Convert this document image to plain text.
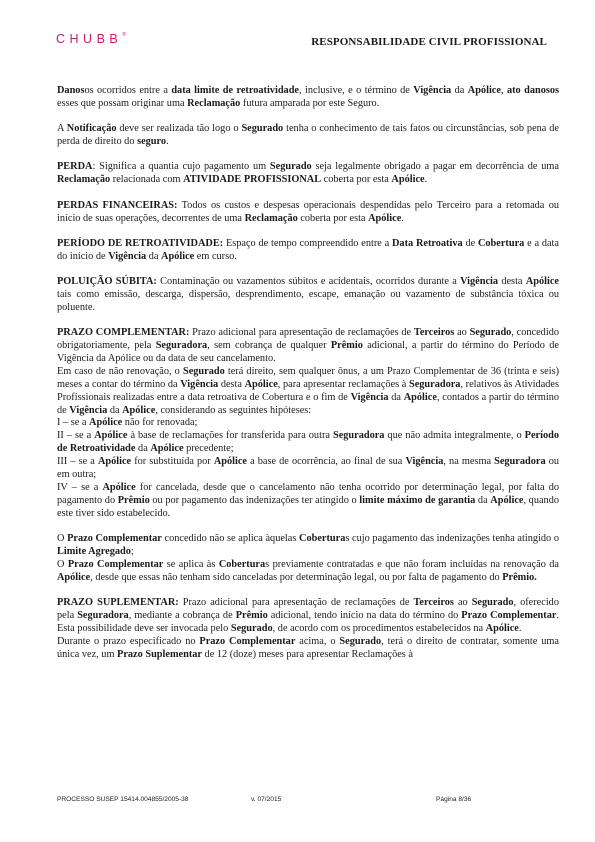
CHUBB®
RESPONSABILIDADE CIVIL PROFISSIONAL

Danosos ocorridos entre a data limite de retroatividade, inclusive, e o término de Vigência da Apólice, ato danosos esses que possam originar uma Reclamação futura amparada por este Seguro.

A Notificação deve ser realizada tão logo o Segurado tenha o conhecimento de tais fatos ou circunstâncias, sob pena de perda de direito do seguro.

PERDA: Significa a quantia cujo pagamento um Segurado seja legalmente obrigado a pagar em decorrência de uma Reclamação relacionada com ATIVIDADE PROFISSIONAL coberta por esta Apólice.

PERDAS FINANCEIRAS: Todos os custos e despesas operacionais despendidas pelo Terceiro para a retomada ou início de suas operações, decorrentes de uma Reclamação coberta por esta Apólice.

PERÍODO DE RETROATIVIDADE: Espaço de tempo compreendido entre a Data Retroativa de Cobertura e a data do início de Vigência da Apólice em curso.

POLUIÇÃO SÚBITA: Contaminação ou vazamentos súbitos e acidentais, ocorridos durante a Vigência desta Apólice tais como emissão, descarga, dispersão, desprendimento, escape, emanação ou vazamento de substância tóxica ou poluente.

PRAZO COMPLEMENTAR: Prazo adicional para apresentação de reclamações de Terceiros ao Segurado, concedido obrigatoriamente, pela Seguradora, sem cobrança de qualquer Prêmio adicional, a partir do término do Período de Vigência da Apólice ou da data de seu cancelamento.

Em caso de não renovação, o Segurado terá direito, sem qualquer ônus, a um Prazo Complementar de 36 (trinta e seis) meses a contar do término da Vigência desta Apólice, para apresentar reclamações à Seguradora, relativos às Atividades Profissionais realizadas entre a data retroativa de Cobertura e o fim de Vigência da Apólice, contados a partir do término de Vigência da Apólice, considerando as seguintes hipóteses:

I – se a Apólice não for renovada;

II – se a Apólice à base de reclamações for transferida para outra Seguradora que não admita integralmente, o Período de Retroatividade da Apólice precedente;

III – se a Apólice for substituída por Apólice a base de ocorrência, ao final de sua Vigência, na mesma Seguradora ou em outra;

IV – se a Apólice for cancelada, desde que o cancelamento não tenha ocorrido por determinação legal, por falta do pagamento do Prêmio ou por pagamento das indenizações ter atingido o limite máximo de garantia da Apólice, quando este tiver sido estabelecido.

O Prazo Complementar concedido não se aplica àquelas Coberturas cujo pagamento das indenizações tenha atingido o Limite Agregado;

O Prazo Complementar se aplica às Coberturas previamente contratadas e que não foram incluídas na renovação da Apólice, desde que essas não tenham sido canceladas por determinação legal, ou por falta de pagamento do Prêmio.

PRAZO SUPLEMENTAR: Prazo adicional para apresentação de reclamações de Terceiros ao Segurado, oferecido pela Seguradora, mediante a cobrança de Prêmio adicional, tendo início na data do término do Prazo Complementar. Esta possibilidade deve ser invocada pelo Segurado, de acordo com os procedimentos estabelecidos na Apólice.

Durante o prazo especificado no Prazo Complementar acima, o Segurado, terá o direito de contratar, somente uma única vez, um Prazo Suplementar de 12 (doze) meses para apresentar Reclamações à

PROCESSO SUSEP 15414.004855/2005-38	v. 07/2015	Página 8/36
